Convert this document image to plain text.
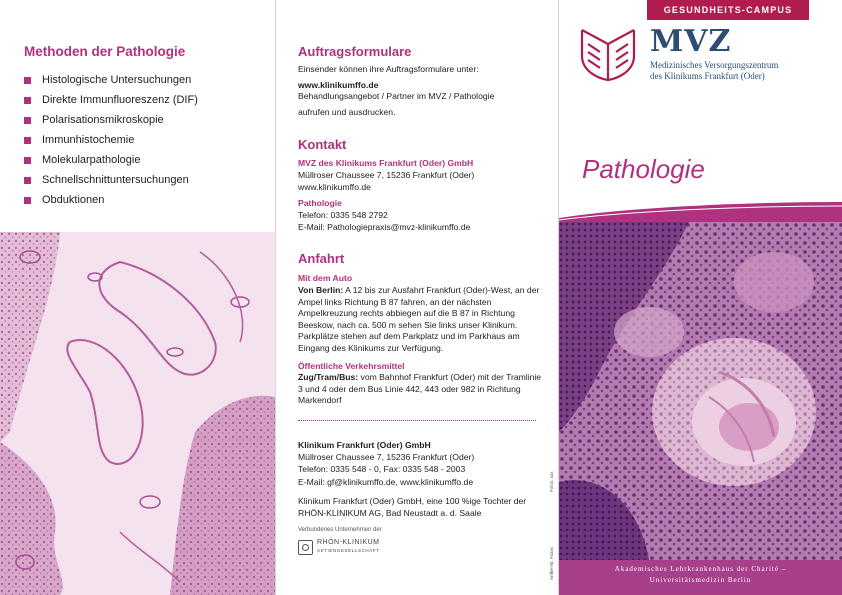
Methoden der Pathologie
Histologische Untersuchungen
Direkte Immunfluoreszenz (DIF)
Polarisationsmikroskopie
Immunhistochemie
Molekularpathologie
Schnellschnittuntersuchungen
Obduktionen
Auftragsformulare
Einsender können ihre Auftragsformulare unter:
www.klinikumffo.de
Behandlungsangebot / Partner im MVZ / Pathologie
aufrufen und ausdrucken.
Kontakt
MVZ des Klinikums Frankfurt (Oder) GmbH
Müllroser Chaussee 7, 15236 Frankfurt (Oder)
www.klinikumffo.de
Pathologie
Telefon: 0335 548 2792
E-Mail: Pathologiepraxis@mvz-klinikumffo.de
Anfahrt
Mit dem Auto
Von Berlin: A 12 bis zur Ausfahrt Frankfurt (Oder)-West, an der Ampel links Richtung B 87 fahren, an der nächsten Ampelkreuzung rechts abbiegen auf die B 87 in Richtung Beeskow, nach ca. 500 m sehen Sie links unser Klinikum. Parkplätze stehen auf dem Parkplatz und im Parkhaus am Eingang des Klinikums zur Verfügung.
Öffentliche Verkehrsmittel
Zug/Tram/Bus: vom Bahnhof Frankfurt (Oder) mit der Tramlinie 3 und 4 oder dem Bus Linie 442, 443 oder 982 in Richtung Markendorf
Klinikum Frankfurt (Oder) GmbH
Müllroser Chaussee 7, 15236 Frankfurt (Oder)
Telefon: 0335 548 - 0, Fax: 0335 548 - 2003
E-Mail: gf@klinikumffo.de, www.klinikumffo.de
Klinikum Frankfurt (Oder) GmbH, eine 100 %ige Tochter der RHÖN-KLINIKUM AG, Bad Neustadt a. d. Saale
Verbundenes Unternehmen der
RHÖN-KLINIKUM
AKTIENGESELLSCHAFT
GESUNDHEITS-CAMPUS
MVZ
Medizinisches Versorgungszentrum
des Klinikums Frankfurt (Oder)
Pathologie
Akademisches Lehrkrankenhaus der Charité –
Universitätsmedizin Berlin
Fotos: xxx
Artikel-Nr. Fxxxx
